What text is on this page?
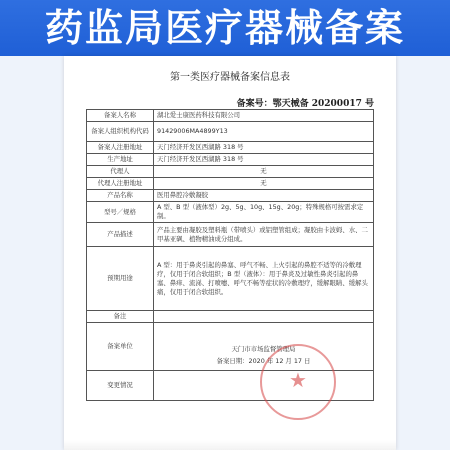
药监局医疗器械备案
第一类医疗器械备案信息表
备案号：鄂天械备 20200017 号
备案人名称	湖北爱士康医药科技有限公司
备案人组织机构代码	91429006MA4899Y13
备案人注册地址	天门经济开发区西湖路 318 号
生产地址	天门经济开发区西湖路 318 号
代理人	无
代理人注册地址	无
产品名称	医用鼻腔冷敷凝胶
型号／规格	A 型、B 型（液体型）2g、5g、10g、15g、20g；特殊规格可按需求定制。
产品描述	产品主要由凝胶及塑料瓶（带喷头）或铝塑管组成；凝胶由卡波姆、水、二甲基亚砜、植物精油成分组成。
预期用途	A 型：用于鼻炎引起的鼻塞、呼气不畅、上火引起的鼻腔不适等的冷敷理疗，仅用于闭合软组织；B 型（液体）：用于鼻炎及过敏性鼻炎引起的鼻塞、鼻痒、流涕、打喷嚏、呼气不畅等症状的冷敷理疗，缓解眼睛、缓解头痛，仅用于闭合软组织。
备注	
备案单位	天门市市场监督管理局
备案日期：2020 年 12 月 17 日

变更情况		★
